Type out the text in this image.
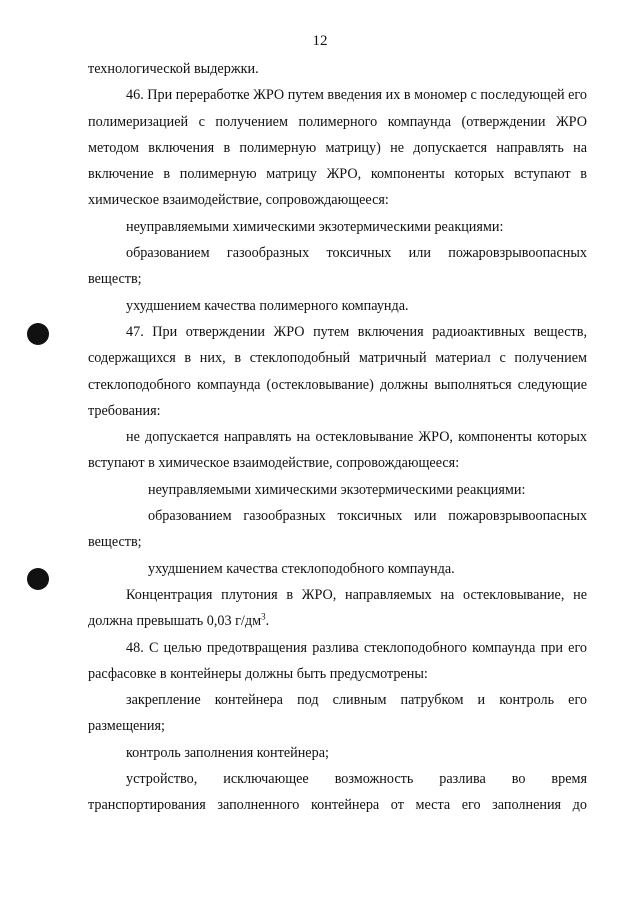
12

технологической выдержки.

46. При переработке ЖРО путем введения их в мономер с последующей его полимеризацией с получением полимерного компаунда (отверждении ЖРО методом включения в полимерную матрицу) не допускается направлять на включение в полимерную матрицу ЖРО, компоненты которых вступают в химическое взаимодействие, сопровождающееся:

неуправляемыми химическими экзотермическими реакциями:

образованием газообразных токсичных или пожаровзрывоопасных веществ;

ухудшением качества полимерного компаунда.

47. При отверждении ЖРО путем включения радиоактивных веществ, содержащихся в них, в стеклоподобный матричный материал с получением стеклоподобного компаунда (остекловывание) должны выполняться следующие требования:

не допускается направлять на остекловывание ЖРО, компоненты которых вступают в химическое взаимодействие, сопровождающееся:

неуправляемыми химическими экзотермическими реакциями:

образованием газообразных токсичных или пожаровзрывоопасных веществ;

ухудшением качества стеклоподобного компаунда.

Концентрация плутония в ЖРО, направляемых на остекловывание, не должна превышать 0,03 $г/дм^3$.

48. С целью предотвращения разлива стеклоподобного компаунда при его расфасовке в контейнеры должны быть предусмотрены:

закрепление контейнера под сливным патрубком и контроль его размещения;

контроль заполнения контейнера;

устройство, исключающее возможность разлива во время транспортирования заполненного контейнера от места его заполнения до
